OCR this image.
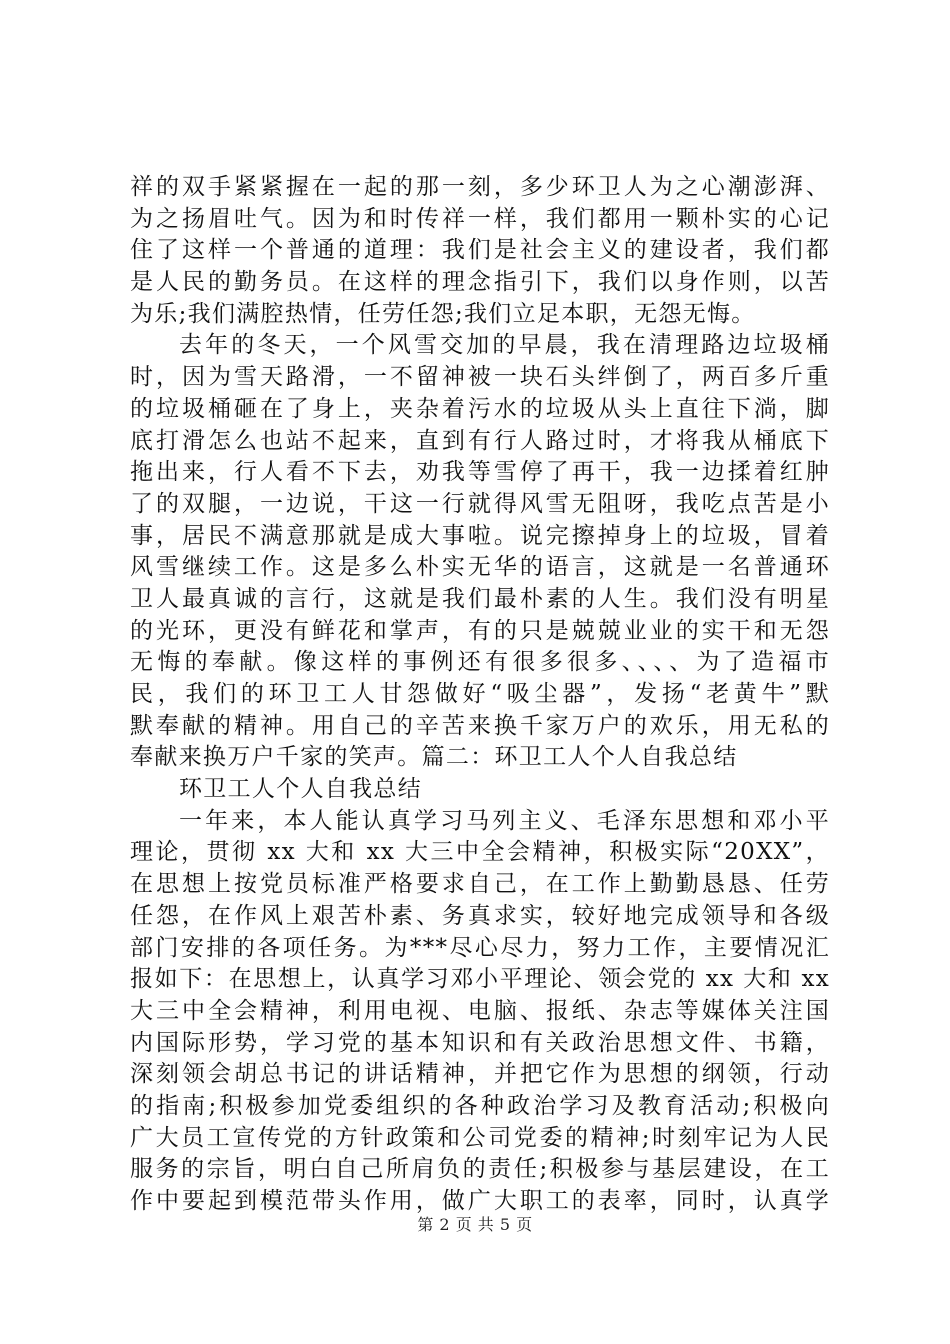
祥的双手紧紧握在一起的那一刻，多少环卫人为之心潮澎湃、
为之扬眉吐气。因为和时传祥一样，我们都用一颗朴实的心记
住了这样一个普通的道理：我们是社会主义的建设者，我们都
是人民的勤务员。在这样的理念指引下，我们以身作则，以苦
为乐;我们满腔热情，任劳任怨;我们立足本职，无怨无悔。
去年的冬天，一个风雪交加的早晨，我在清理路边垃圾桶
时，因为雪天路滑，一不留神被一块石头绊倒了，两百多斤重
的垃圾桶砸在了身上，夹杂着污水的垃圾从头上直往下淌，脚
底打滑怎么也站不起来，直到有行人路过时，才将我从桶底下
拖出来，行人看不下去，劝我等雪停了再干，我一边揉着红肿
了的双腿，一边说，干这一行就得风雪无阻呀，我吃点苦是小
事，居民不满意那就是成大事啦。说完擦掉身上的垃圾，冒着
风雪继续工作。这是多么朴实无华的语言，这就是一名普通环
卫人最真诚的言行，这就是我们最朴素的人生。我们没有明星
的光环，更没有鲜花和掌声，有的只是兢兢业业的实干和无怨
无悔的奉献。像这样的事例还有很多很多、、、、为了造福市
民，我们的环卫工人甘怨做好“吸尘器”，发扬“老黄牛”默
默奉献的精神。用自己的辛苦来换千家万户的欢乐，用无私的
奉献来换万户千家的笑声。篇二：环卫工人个人自我总结
环卫工人个人自我总结
一年来，本人能认真学习马列主义、毛泽东思想和邓小平
理论，贯彻 xx 大和 xx 大三中全会精神，积极实际“20XX”，
在思想上按党员标准严格要求自己，在工作上勤勤恳恳、任劳
任怨，在作风上艰苦朴素、务真求实，较好地完成领导和各级
部门安排的各项任务。为***尽心尽力，努力工作，主要情况汇
报如下：在思想上，认真学习邓小平理论、领会党的 xx 大和 xx
大三中全会精神，利用电视、电脑、报纸、杂志等媒体关注国
内国际形势，学习党的基本知识和有关政治思想文件、书籍，
深刻领会胡总书记的讲话精神，并把它作为思想的纲领，行动
的指南;积极参加党委组织的各种政治学习及教育活动;积极向
广大员工宣传党的方针政策和公司党委的精神;时刻牢记为人民
服务的宗旨，明白自己所肩负的责任;积极参与基层建设，在工
作中要起到模范带头作用，做广大职工的表率，同时，认真学
第 2 页 共 5 页
